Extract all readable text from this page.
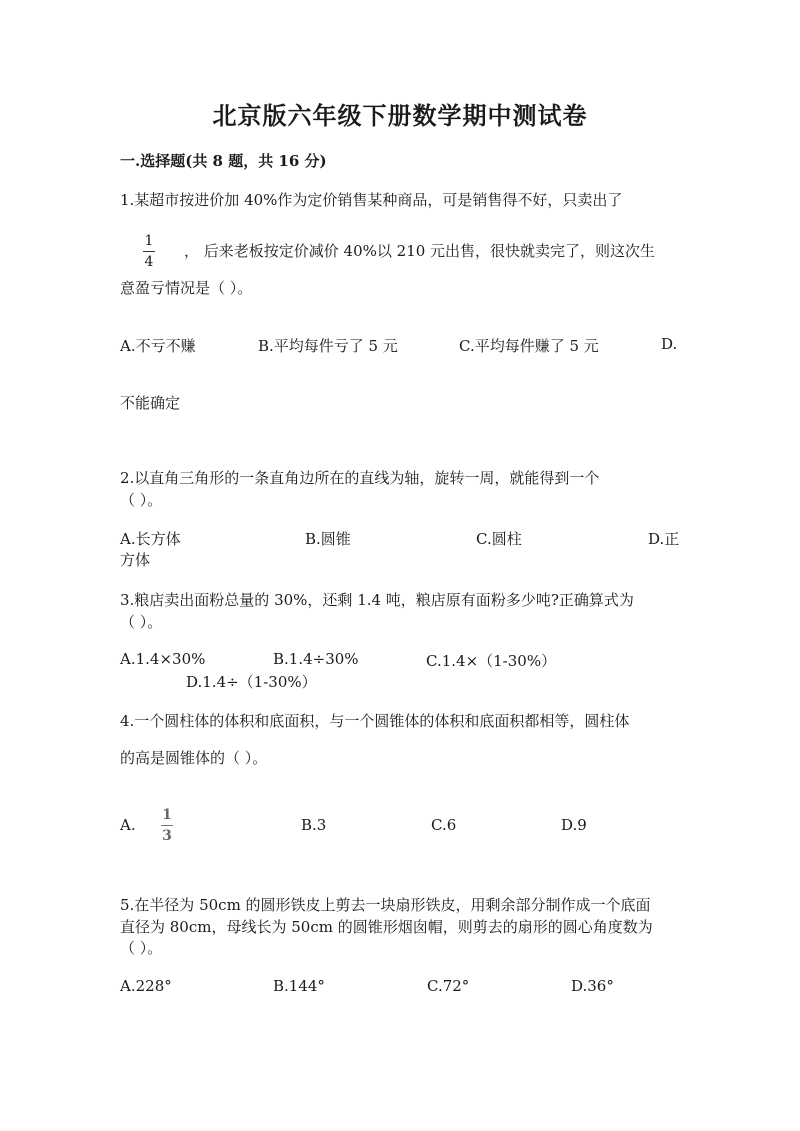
北京版六年级下册数学期中测试卷
一.选择题(共 8 题，共 16 分)
1.某超市按进价加 40%作为定价销售某种商品，可是销售得不好，只卖出了
1
4
， 后来老板按定价减价 40%以 210 元出售，很快就卖完了，则这次生
意盈亏情况是（ ）。
A.不亏不赚	B.平均每件亏了 5 元	C.平均每件赚了 5 元	D.
不能确定
2.以直角三角形的一条直角边所在的直线为轴，旋转一周，就能得到一个
（ ）。
A.长方体	B.圆锥	C.圆柱	D.正
方体
3.粮店卖出面粉总量的 30%，还剩 1.4 吨，粮店原有面粉多少吨?正确算式为
（ ）。
A.1.4×30%	B.1.4÷30%	C.1.4×（1-30%）
D.1.4÷（1-30%）
4.一个圆柱体的体积和底面积，与一个圆锥体的体积和底面积都相等，圆柱体
的高是圆锥体的（ ）。
A.
1
3
B.3	C.6	D.9
5.在半径为 50cm 的圆形铁皮上剪去一块扇形铁皮，用剩余部分制作成一个底面
直径为 80cm，母线长为 50cm 的圆锥形烟囱帽，则剪去的扇形的圆心角度数为
（ ）。
A.228°	B.144°	C.72°	D.36°
